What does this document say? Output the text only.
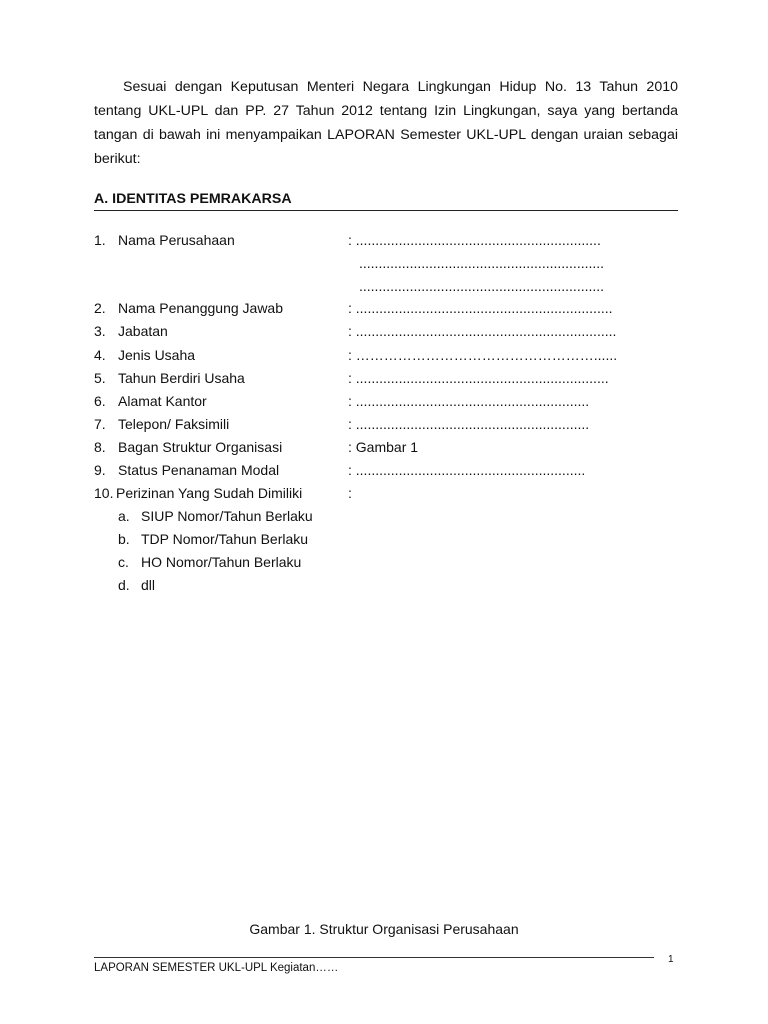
Sesuai dengan Keputusan Menteri Negara Lingkungan Hidup No. 13 Tahun 2010 tentang UKL-UPL dan PP. 27 Tahun 2012 tentang Izin Lingkungan, saya yang bertanda tangan di bawah ini menyampaikan LAPORAN Semester UKL-UPL dengan uraian sebagai berikut:

A. IDENTITAS PEMRAKARSA
1. Nama Perusahaan	: ...............................................................
...............................................................
...............................................................
2. Nama Penanggung Jawab	: ..................................................................
3. Jabatan	: ...................................................................
4. Jenis Usaha	: ……………………………………………......
5. Tahun Berdiri Usaha	: .................................................................
6. Alamat Kantor	: ............................................................
7. Telepon/ Faksimili	: ............................................................
8. Bagan Struktur Organisasi	: Gambar 1
9. Status Penanaman Modal	: ...........................................................
10. Perizinan Yang Sudah Dimiliki	:
a. SIUP Nomor/Tahun Berlaku
b. TDP Nomor/Tahun Berlaku
c. HO Nomor/Tahun Berlaku
d. dll
Gambar 1. Struktur Organisasi Perusahaan
LAPORAN SEMESTER UKL-UPL Kegiatan……
1
